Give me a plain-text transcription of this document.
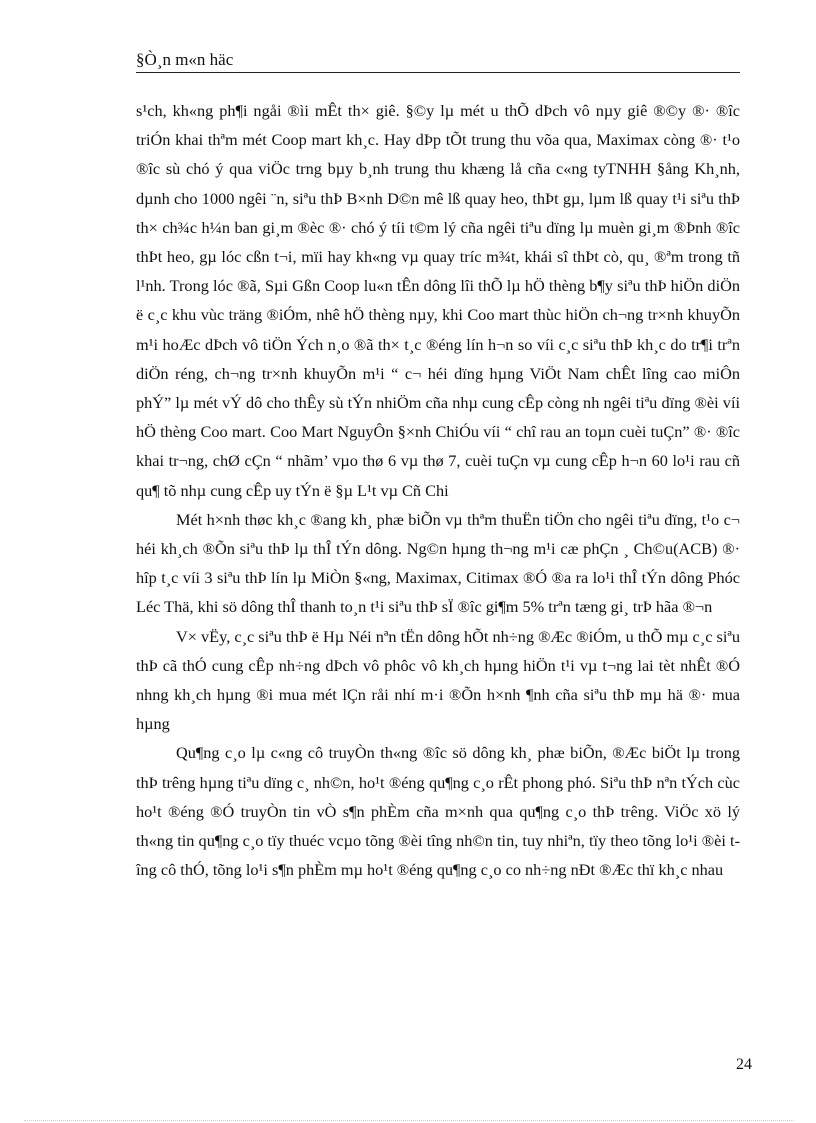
§Ò¸n m«n häc

s¹ch, kh«ng ph¶i ngåi ®ìi mÊt th× giê. §©y lµ mét u thÕ dÞch vô nµy giê ®©y ®· ®îc triÓn khai thªm mét Coop mart kh¸c. Hay dÞp tÕt trung thu võa qua, Maximax còng ®· t¹o ®îc sù chó ý qua viÖc trng bµy b¸nh trung thu khæng lå cña c«ng tyTNHH §ång Kh¸nh, dµnh cho 1000 ngêi ¨n, siªu thÞ B×nh D©n mê lß quay heo, thÞt gµ, lµm lß quay t¹i siªu thÞ th× ch¾c h¼n ban gi¸m ®èc ®· chó ý tíi t©m lý cña ngêi tiªu dïng lµ muèn gi¸m ®Þnh ®îc thÞt heo, gµ lóc cßn t¬i, mïi hay kh«ng vµ quay tríc m¾t, khái sî thÞt cò, qu¸ ®ªm trong tñ l¹nh. Trong lóc ®ã, Sµi Gßn Coop lu«n tÊn dông lîi thÕ lµ hÖ thèng b¶y siªu thÞ hiÖn diÖn ë c¸c khu vùc träng ®iÓm, nhê hÖ thèng nµy, khi Coo mart thùc hiÖn ch¬ng tr×nh khuyÕn m¹i hoÆc dÞch vô tiÖn Ých n¸o ®ã th× t¸c ®éng lín h¬n so víi c¸c siªu thÞ kh¸c do tr¶i trªn diÖn réng, ch¬ng tr×nh khuyÕn m¹i “ c¬ héi dïng hµng ViÖt Nam chÊt lîng cao miÔn phÝ” lµ mét vÝ dô cho thÊy sù tÝn nhiÖm cña nhµ cung cÊp còng nh ngêi tiªu dïng ®èi víi hÖ thèng Coo mart. Coo Mart NguyÔn §×nh ChiÓu víi “ chî rau an toµn cuèi tuÇn” ®· ®îc khai tr¬ng, chØ cÇn “ nhãm’ vµo thø 6 vµ thø 7, cuèi tuÇn vµ cung cÊp h¬n 60 lo¹i rau cñ qu¶ tõ nhµ cung cÊp uy tÝn ë §µ L¹t vµ Cñ Chi

Mét h×nh thøc kh¸c ®ang kh¸ phæ biÕn vµ thªm thuËn tiÖn cho ngêi tiªu dïng, t¹o c¬ héi kh¸ch ®Õn siªu thÞ lµ thÎ tÝn dông. Ng©n hµng th¬ng m¹i cæ phÇn ¸ Ch©u(ACB) ®· hîp t¸c víi 3 siªu thÞ lín lµ MiÒn §«ng, Maximax, Citimax ®Ó ®a ra lo¹i thÎ tÝn dông Phóc Léc Thä, khi sö dông thÎ thanh to¸n t¹i siªu thÞ sÏ ®îc gi¶m 5% trªn tæng gi¸ trÞ hãa ®¬n

V× vËy, c¸c siªu thÞ ë Hµ Néi nªn tËn dông hÕt nh÷ng ®Æc ®iÓm, u thÕ mµ c¸c siªu thÞ cã thÓ cung cÊp nh÷ng dÞch vô phôc vô kh¸ch hµng hiÖn t¹i vµ t¬ng lai tèt nhÊt ®Ó nhng kh¸ch hµng ®i mua mét lÇn råi nhí m·i ®Õn h×nh ¶nh cña siªu thÞ mµ hä ®· mua hµng

Qu¶ng c¸o lµ c«ng cô truyÒn th«ng ®îc sö dông kh¸ phæ biÕn, ®Æc biÖt lµ trong thÞ trêng hµng tiªu dïng c¸ nh©n, ho¹t ®éng qu¶ng c¸o rÊt phong phó. Siªu thÞ nªn tÝch cùc ho¹t ®éng ®Ó truyÒn tin vÒ s¶n phÈm cña m×nh qua qu¶ng c¸o thÞ trêng. ViÖc xö lý th«ng tin qu¶ng c¸o tïy thuéc vcµo tõng ®èi tîng nh©n tin, tuy nhiªn, tïy theo tõng lo¹i ®èi tîng cô thÓ, tõng lo¹i s¶n phÈm mµ ho¹t ®éng qu¶ng c¸o co nh÷ng nÐt ®Æc thï kh¸c nhau

24
